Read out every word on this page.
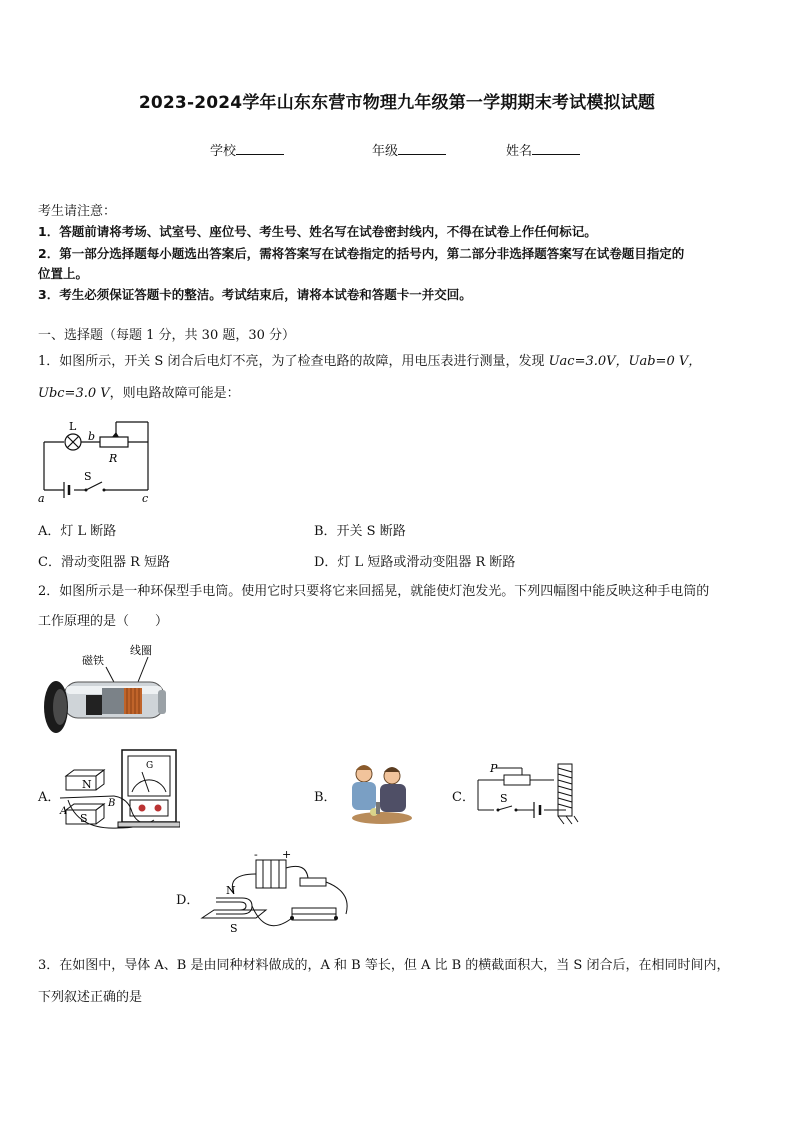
2023-2024学年山东东营市物理九年级第一学期期末考试模拟试题
学校	年级	姓名
考生请注意：
1．答题前请将考场、试室号、座位号、考生号、姓名写在试卷密封线内，不得在试卷上作任何标记。
2．第一部分选择题每小题选出答案后，需将答案写在试卷指定的括号内，第二部分非选择题答案写在试卷题目指定的
位置上。
3．考生必须保证答题卡的整洁。考试结束后，请将本试卷和答题卡一并交回。
一、选择题（每题 1 分，共 30 题，30 分）
1．如图所示，开关 S 闭合后电灯不亮，为了检查电路的故障，用电压表进行测量，发现 Uac=3.0V，Uab=0 V，
Ubc=3.0 V，则电路故障可能是：
L
b
R
S
a	c
A．灯 L 断路	B．开关 S 断路
C．滑动变阻器 R 短路	D．灯 L 短路或滑动变阻器 R 断路
2．如图所示是一种环保型手电筒。使用它时只要将它来回摇晃，就能使灯泡发光。下列四幅图中能反映这种手电筒的
工作原理的是（　　）
磁铁
线圈
A．
N
S
A
B
G
B．	C．
P
S
D．
N
S
- +
3．在如图中，导体 A、B 是由同种材料做成的，A 和 B 等长，但 A 比 B 的横截面积大，当 S 闭合后，在相同时间内，
下列叙述正确的是
